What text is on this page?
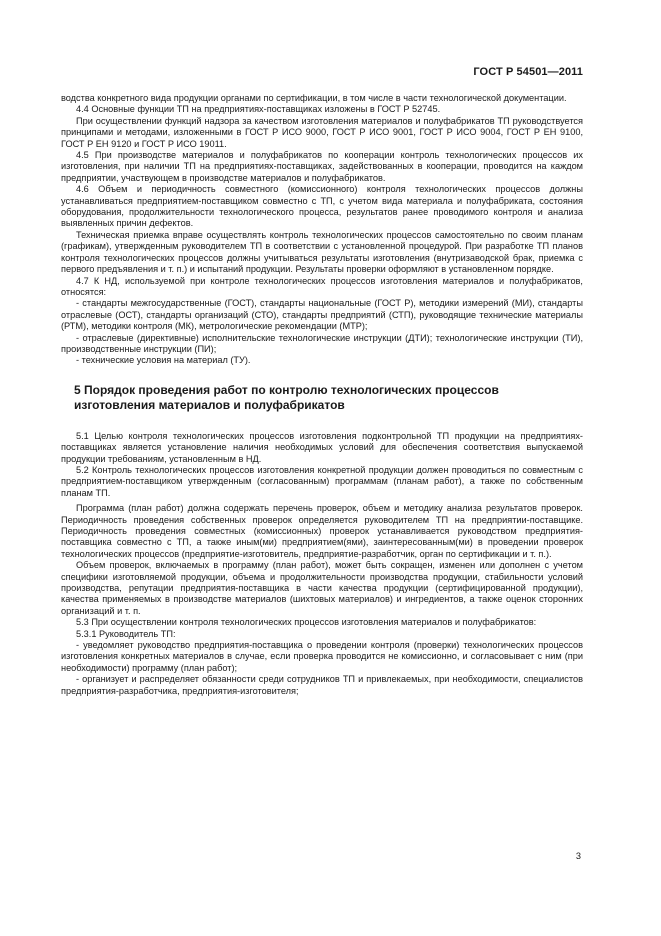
ГОСТ Р 54501—2011

водства конкретного вида продукции органами по сертификации, в том числе в части технологической документации.

4.4 Основные функции ТП на предприятиях-поставщиках изложены в ГОСТ Р 52745.

При осуществлении функций надзора за качеством изготовления материалов и полуфабрикатов ТП руководствуется принципами и методами, изложенными в ГОСТ Р ИСО 9000, ГОСТ Р ИСО 9001, ГОСТ Р ИСО 9004, ГОСТ Р ЕН 9100, ГОСТ Р ЕН 9120 и ГОСТ Р ИСО 19011.

4.5 При производстве материалов и полуфабрикатов по кооперации контроль технологических процессов их изготовления, при наличии ТП на предприятиях-поставщиках, задействованных в кооперации, проводится на каждом предприятии, участвующем в производстве материалов и полуфабрикатов.

4.6 Объем и периодичность совместного (комиссионного) контроля технологических процессов должны устанавливаться предприятием-поставщиком совместно с ТП, с учетом вида материала и полуфабриката, состояния оборудования, продолжительности технологического процесса, результатов ранее проводимого контроля и анализа выявленных причин дефектов.

Техническая приемка вправе осуществлять контроль технологических процессов самостоятельно по своим планам (графикам), утвержденным руководителем ТП в соответствии с установленной процедурой. При разработке ТП планов контроля технологических процессов должны учитываться результаты изготовления (внутризаводской брак, приемка с первого предъявления и т. п.) и испытаний продукции. Результаты проверки оформляют в установленном порядке.

4.7 К НД, используемой при контроле технологических процессов изготовления материалов и полуфабрикатов, относятся:

- стандарты межгосударственные (ГОСТ), стандарты национальные (ГОСТ Р), методики измерений (МИ), стандарты отраслевые (ОСТ), стандарты организаций (СТО), стандарты предприятий (СТП), руководящие технические материалы (РТМ), методики контроля (МК), метрологические рекомендации (МТР);

- отраслевые (директивные) исполнительские технологические инструкции (ДТИ); технологические инструкции (ТИ), производственные инструкции (ПИ);

- технические условия на материал (ТУ).

5 Порядок проведения работ по контролю технологических процессов изготовления материалов и полуфабрикатов

5.1 Целью контроля технологических процессов изготовления подконтрольной ТП продукции на предприятиях-поставщиках является установление наличия необходимых условий для обеспечения соответствия выпускаемой продукции требованиям, установленным в НД.

5.2 Контроль технологических процессов изготовления конкретной продукции должен проводиться по совместным с предприятием-поставщиком утвержденным (согласованным) программам (планам работ), а также по собственным планам ТП.

Программа (план работ) должна содержать перечень проверок, объем и методику анализа результатов проверок. Периодичность проведения собственных проверок определяется руководителем ТП на предприятии-поставщике. Периодичность проведения совместных (комиссионных) проверок устанавливается руководством предприятия-поставщика совместно с ТП, а также иным(ми) предприятием(ями), заинтересованным(ми) в проведении проверок технологических процессов (предприятие-изготовитель, предприятие-разработчик, орган по сертификации и т. п.).

Объем проверок, включаемых в программу (план работ), может быть сокращен, изменен или дополнен с учетом специфики изготовляемой продукции, объема и продолжительности производства продукции, стабильности условий производства, репутации предприятия-поставщика в части качества продукции (сертифицированной продукции), качества применяемых в производстве материалов (шихтовых материалов) и ингредиентов, а также оценок сторонних организаций и т. п.

5.3 При осуществлении контроля технологических процессов изготовления материалов и полуфабрикатов:

5.3.1 Руководитель ТП:

- уведомляет руководство предприятия-поставщика о проведении контроля (проверки) технологических процессов изготовления конкретных материалов в случае, если проверка проводится не комиссионно, и согласовывает с ним (при необходимости) программу (план работ);

- организует и распределяет обязанности среди сотрудников ТП и привлекаемых, при необходимости, специалистов предприятия-разработчика, предприятия-изготовителя;

3
